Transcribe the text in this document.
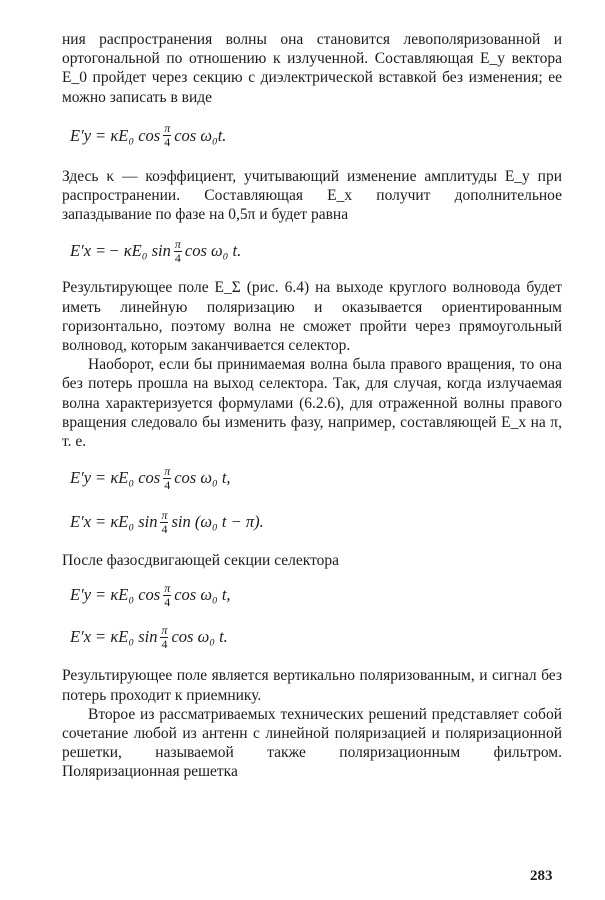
ния распространения волны она становится левополяризованной и ортогональной по отношению к излученной. Составляющая E_y вектора E_0 пройдет через секцию с диэлектрической вставкой без изменения; ее можно записать в виде

E′y = κE₀ $\cos \frac{\pi}{4}$ cos ω₀t.

Здесь κ — коэффициент, учитывающий изменение амплитуды E_y при распространении. Составляющая E_x получит дополнительное запаздывание по фазе на 0,5π и будет равна

E′x = − κE₀ $\sin \frac{\pi}{4}$ cos ω₀ t.

Результирующее поле E_Σ (рис. 6.4) на выходе круглого волновода будет иметь линейную поляризацию и оказывается ориентированным горизонтально, поэтому волна не сможет пройти через прямоугольный волновод, которым заканчивается селектор.

Наоборот, если бы принимаемая волна была правого вращения, то она без потерь прошла на выход селектора. Так, для случая, когда излучаемая волна характеризуется формулами (6.2.6), для отраженной волны правого вращения следовало бы изменить фазу, например, составляющей E_x на π, т. е.

E′y = κE₀ $\cos \frac{\pi}{4}$ cos ω₀ t,
E′x = κE₀ $\sin \frac{\pi}{4}$ sin (ω₀ t − π).

После фазосдвигающей секции селектора

E′y = κE₀ $\cos \frac{\pi}{4}$ cos ω₀ t,
E′x = κE₀ $\sin \frac{\pi}{4}$ cos ω₀ t.

Результирующее поле является вертикально поляризованным, и сигнал без потерь проходит к приемнику.

Второе из рассматриваемых технических решений представляет собой сочетание любой из антенн с линейной поляризацией и поляризационной решетки, называемой также поляризационным фильтром. Поляризационная решетка

283
